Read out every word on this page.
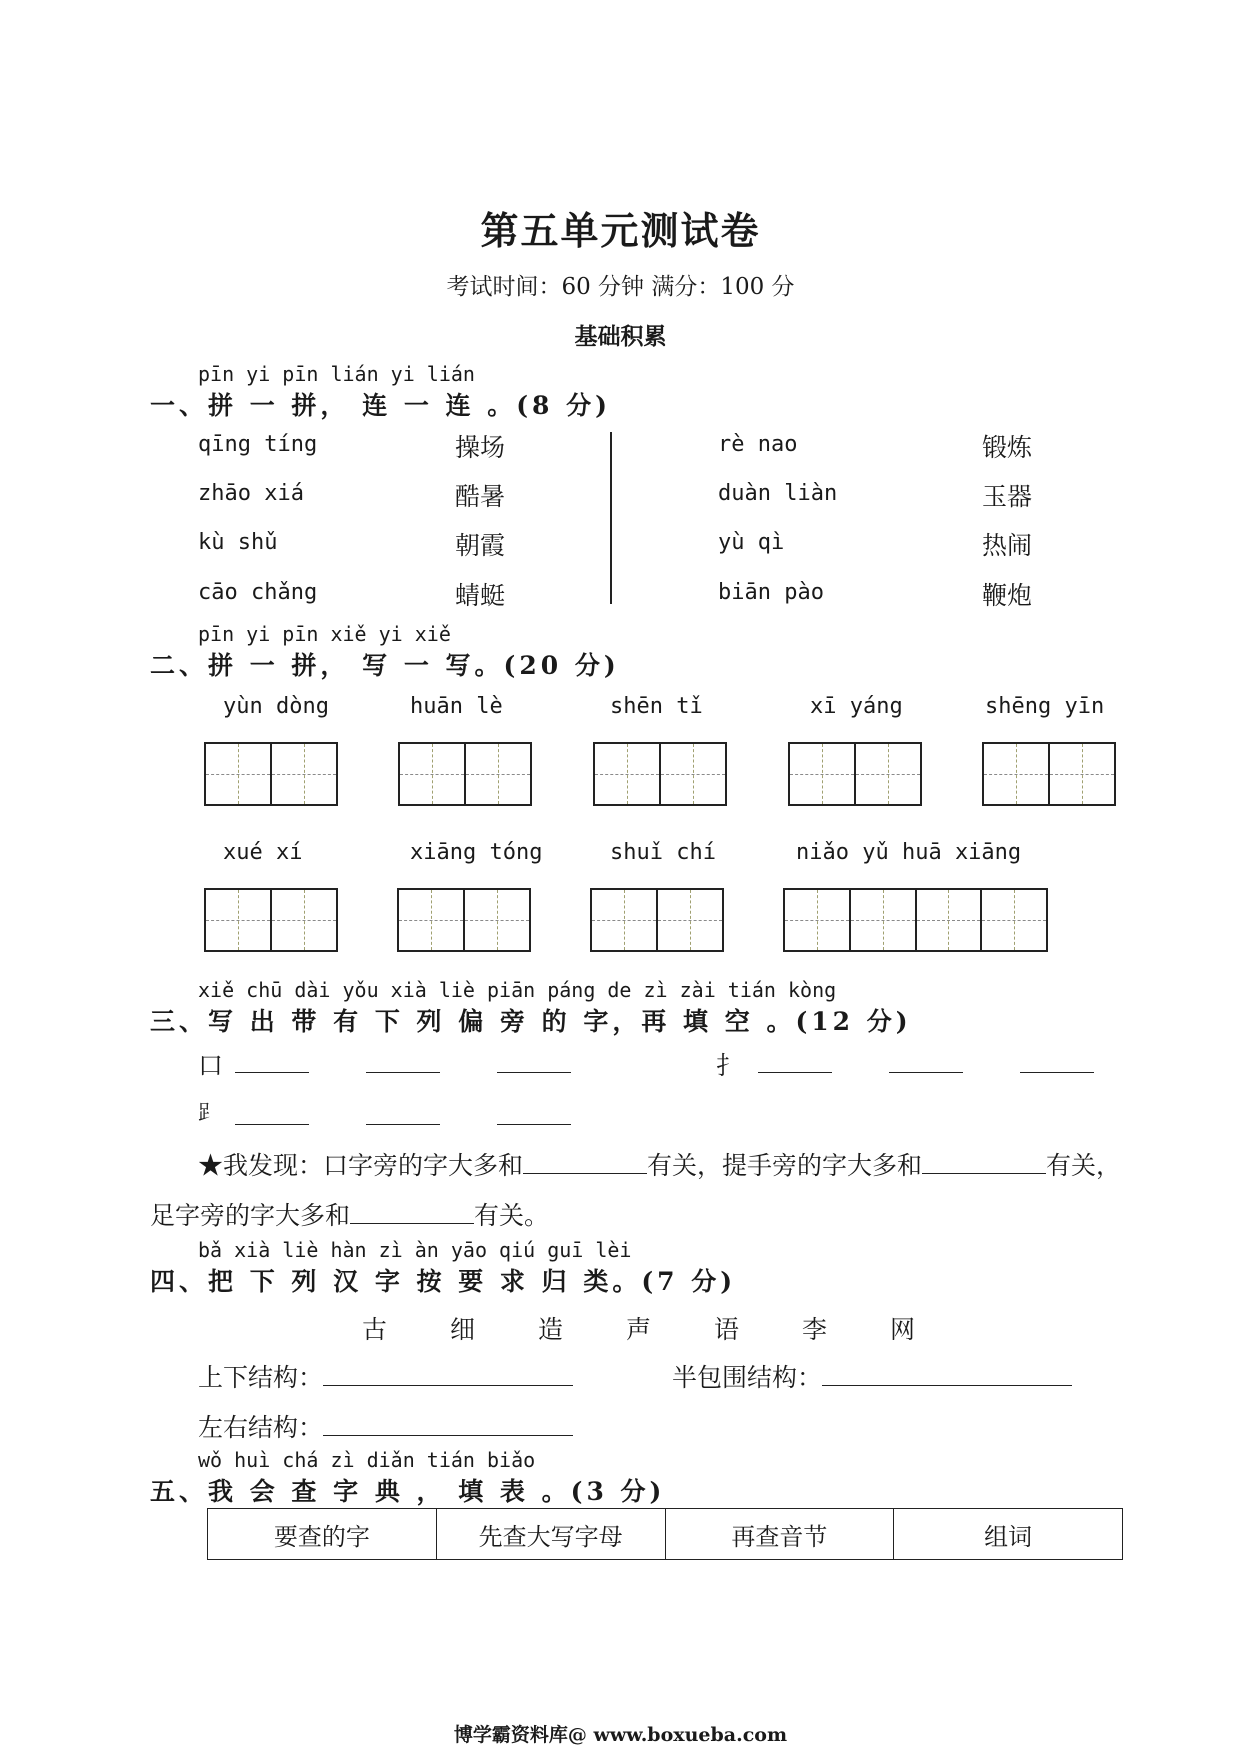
第五单元测试卷
考试时间：60 分钟 满分：100 分
基础积累
pīn yi pīn lián yi lián
一、拼 一 拼， 连 一 连 。(8 分)
qīng tíng	操场
zhāo xiá	酷暑
kù shǔ	朝霞
cāo chǎng	蜻蜓
rè nao	锻炼
duàn liàn	玉器
yù qì	热闹
biān pào	鞭炮
pīn yi pīn xiě yi xiě
二、拼 一 拼， 写 一 写。(20 分)
yùn dòng	huān lè	shēn tǐ	xī yáng	shēng yīn
xué xí	xiāng tóng	shuǐ chí	niǎo yǔ huā xiāng
xiě chū dài yǒu xià liè piān páng de zì zài tián kòng
三、写 出 带 有 下 列 偏 旁 的 字，再 填 空 。(12 分)
口	扌
𧾷
★我发现：口字旁的字大多和	有关，提手旁的字大多和	有关，
足字旁的字大多和	有关。
bǎ xià liè hàn zì àn yāo qiú guī lèi
四、把 下 列 汉 字 按 要 求 归 类。(7 分)
古	细	造	声	语	李	网
上下结构：	半包围结构：
左右结构：
wǒ huì chá zì diǎn tián biǎo
五、我 会 查 字 典 ， 填 表 。(3 分)
要查的字	先查大写字母	再查音节	组词
博学霸资料库@ www.boxueba.com
